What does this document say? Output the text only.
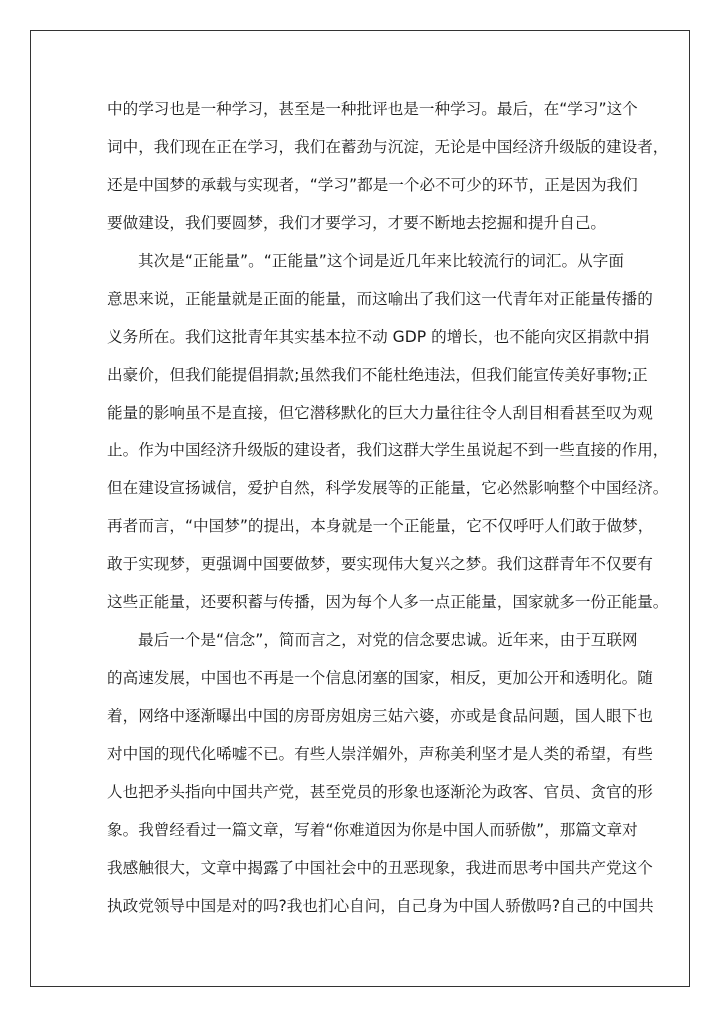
中的学习也是一种学习，甚至是一种批评也是一种学习。最后，在“学习”这个
词中，我们现在正在学习，我们在蓄劲与沉淀，无论是中国经济升级版的建设者，
还是中国梦的承载与实现者，“学习”都是一个必不可少的环节，正是因为我们
要做建设，我们要圆梦，我们才要学习，才要不断地去挖掘和提升自己。
其次是“正能量”。“正能量”这个词是近几年来比较流行的词汇。从字面
意思来说，正能量就是正面的能量，而这喻出了我们这一代青年对正能量传播的
义务所在。我们这批青年其实基本拉不动 GDP 的增长，也不能向灾区捐款中捐
出豪价，但我们能提倡捐款;虽然我们不能杜绝违法，但我们能宣传美好事物;正
能量的影响虽不是直接，但它潜移默化的巨大力量往往令人刮目相看甚至叹为观
止。作为中国经济升级版的建设者，我们这群大学生虽说起不到一些直接的作用，
但在建设宣扬诚信，爱护自然，科学发展等的正能量，它必然影响整个中国经济。
再者而言，“中国梦”的提出，本身就是一个正能量，它不仅呼吁人们敢于做梦，
敢于实现梦，更强调中国要做梦，要实现伟大复兴之梦。我们这群青年不仅要有
这些正能量，还要积蓄与传播，因为每个人多一点正能量，国家就多一份正能量。
最后一个是“信念”，简而言之，对党的信念要忠诚。近年来，由于互联网
的高速发展，中国也不再是一个信息闭塞的国家，相反，更加公开和透明化。随
着，网络中逐渐曝出中国的房哥房姐房三姑六婆，亦或是食品问题，国人眼下也
对中国的现代化唏嘘不已。有些人崇洋媚外，声称美利坚才是人类的希望，有些
人也把矛头指向中国共产党，甚至党员的形象也逐渐沦为政客、官员、贪官的形
象。我曾经看过一篇文章，写着“你难道因为你是中国人而骄傲”，那篇文章对
我感触很大，文章中揭露了中国社会中的丑恶现象，我进而思考中国共产党这个
执政党领导中国是对的吗?我也扪心自问，自己身为中国人骄傲吗?自己的中国共
